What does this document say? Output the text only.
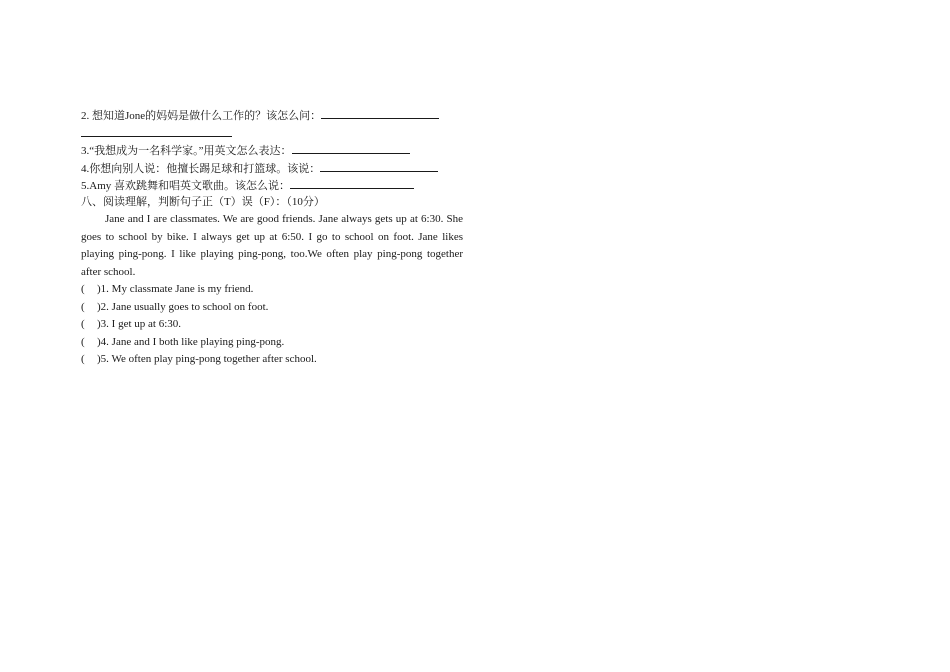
2. 想知道Jone的妈妈是做什么工作的？该怎么问：
3.“我想成为一名科学家。”用英文怎么表达：
4.你想向别人说：他擅长踢足球和打篮球。该说：
5.Amy 喜欢跳舞和唱英文歌曲。该怎么说：
八、阅读理解，判断句子正（T）误（F）：（10分）
Jane and I are classmates. We are good friends. Jane always gets up at 6:30. She goes to school by bike. I always get up at 6:50. I go to school on foot. Jane likes playing ping-pong. I like playing ping-pong, too.We often play ping-pong together after school.
( )1. My classmate Jane is my friend.
( )2. Jane usually goes to school on foot.
( )3. I get up at 6:30.
( )4. Jane and I both like playing ping-pong.
( )5. We often play ping-pong together after school.
